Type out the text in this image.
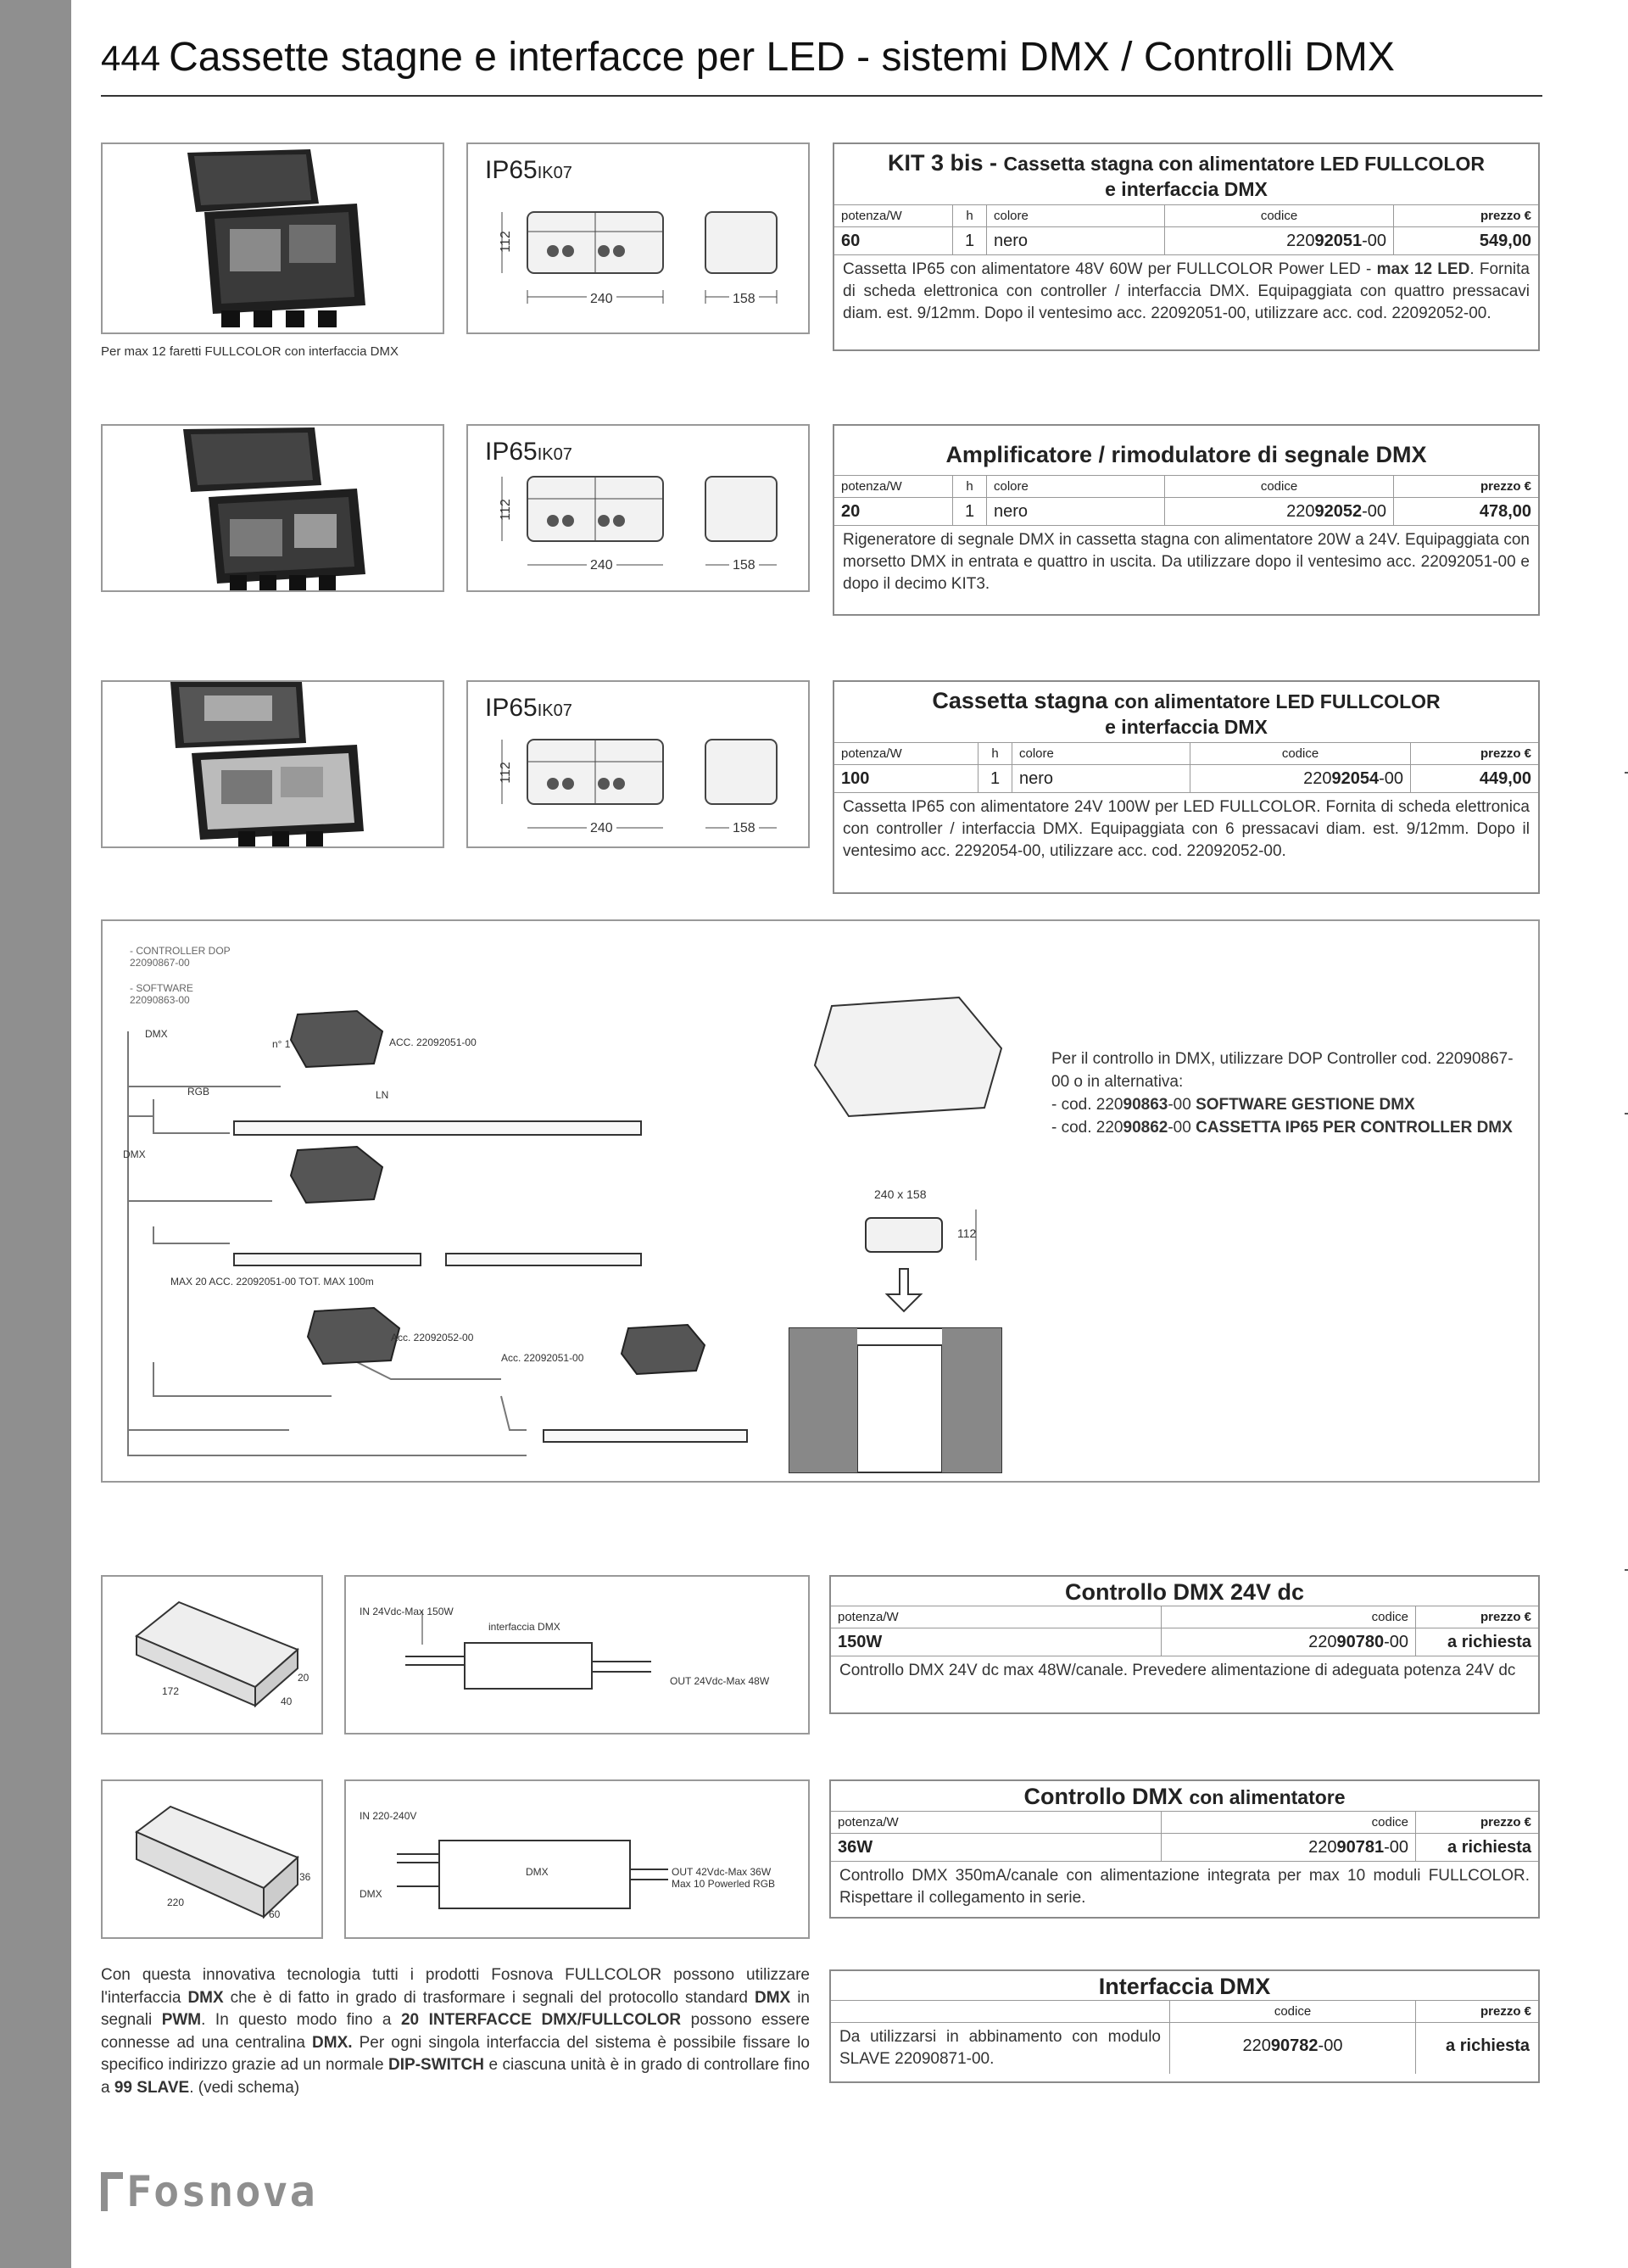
444 Cassette stagne e interfacce per LED - sistemi DMX / Controlli DMX
Per max 12 faretti FULLCOLOR con interfaccia DMX
IP65IK07
112
240	158
KIT 3 bis - Cassetta stagna con alimentatore LED FULLCOLOR
e interfaccia DMX
potenza/W	h	colore	codice	prezzo €
60	1	nero	22092051-00	549,00
Cassetta IP65 con alimentatore 48V 60W per FULLCOLOR Power LED - max 12 LED. Fornita di scheda elettronica con controller / interfaccia DMX. Equipaggiata con quattro pressacavi diam. est. 9/12mm. Dopo il ventesimo acc. 22092051-00, utilizzare acc. cod. 22092052-00.
IP65IK07
112
240	158
Amplificatore / rimodulatore di segnale DMX
potenza/W	h	colore	codice	prezzo €
20	1	nero	22092052-00	478,00
Rigeneratore di segnale DMX in cassetta stagna con alimentatore 20W a 24V. Equipaggiata con morsetto DMX in entrata e quattro in uscita. Da utilizzare dopo il ventesimo acc. 22092051-00 e dopo il decimo KIT3.
IP65IK07
112
240	158
Cassetta stagna con alimentatore LED FULLCOLOR
e interfaccia DMX
potenza/W	h	colore	codice	prezzo €
100	1	nero	22092054-00	449,00
Cassetta IP65 con alimentatore 24V 100W per LED FULLCOLOR. Fornita di scheda elettronica con controller / interfaccia DMX. Equipaggiata con 6 pressacavi diam. est. 9/12mm. Dopo il ventesimo acc. 2292054-00, utilizzare acc. cod. 22092052-00.
- CONTROLLER DOP
22090867-00
- SOFTWARE
22090863-00
DMX
n° 1	ACC. 22092051-00
RGB	LN
DMX
MAX 20 ACC. 22092051-00 TOT. MAX 100m
Acc. 22092052-00
Acc. 22092051-00
240 x 158
112
Per il controllo in DMX, utilizzare DOP Controller cod. 22090867-00 o in alternativa:
- cod. 22090863-00 SOFTWARE GESTIONE DMX
- cod. 22090862-00 CASSETTA IP65 PER CONTROLLER DMX
172
20
40
IN 24Vdc-Max 150W
interfaccia DMX
OUT 24Vdc-Max 48W
Controllo DMX 24V dc
potenza/W	codice	prezzo €
150W	22090780-00	a richiesta
Controllo DMX 24V dc max 48W/canale. Prevedere alimentazione di adeguata potenza 24V dc
220
36
60
IN 220-240V
DMX
DMX
OUT 42Vdc-Max 36W
Max 10 Powerled RGB
Controllo DMX con alimentatore
potenza/W	codice	prezzo €
36W	22090781-00	a richiesta
Controllo DMX 350mA/canale con alimentazione integrata per max 10 moduli FULLCOLOR. Rispettare il collegamento in serie.
Con questa innovativa tecnologia tutti i prodotti Fosnova FULLCOLOR possono utilizzare l'interfaccia DMX che è di fatto in grado di trasformare i segnali del protocollo standard DMX in segnali PWM. In questo modo fino a 20 INTERFACCE DMX/FULLCOLOR possono essere connesse ad una centralina DMX. Per ogni singola interfaccia del sistema è possibile fissare lo specifico indirizzo grazie ad un normale DIP-SWITCH e ciascuna unità è in grado di controllare fino a 99 SLAVE. (vedi schema)
Interfaccia DMX
codice	prezzo €
Da utilizzarsi in abbinamento con modulo SLAVE 22090871-00.
22090782-00	a richiesta
Fosnova
